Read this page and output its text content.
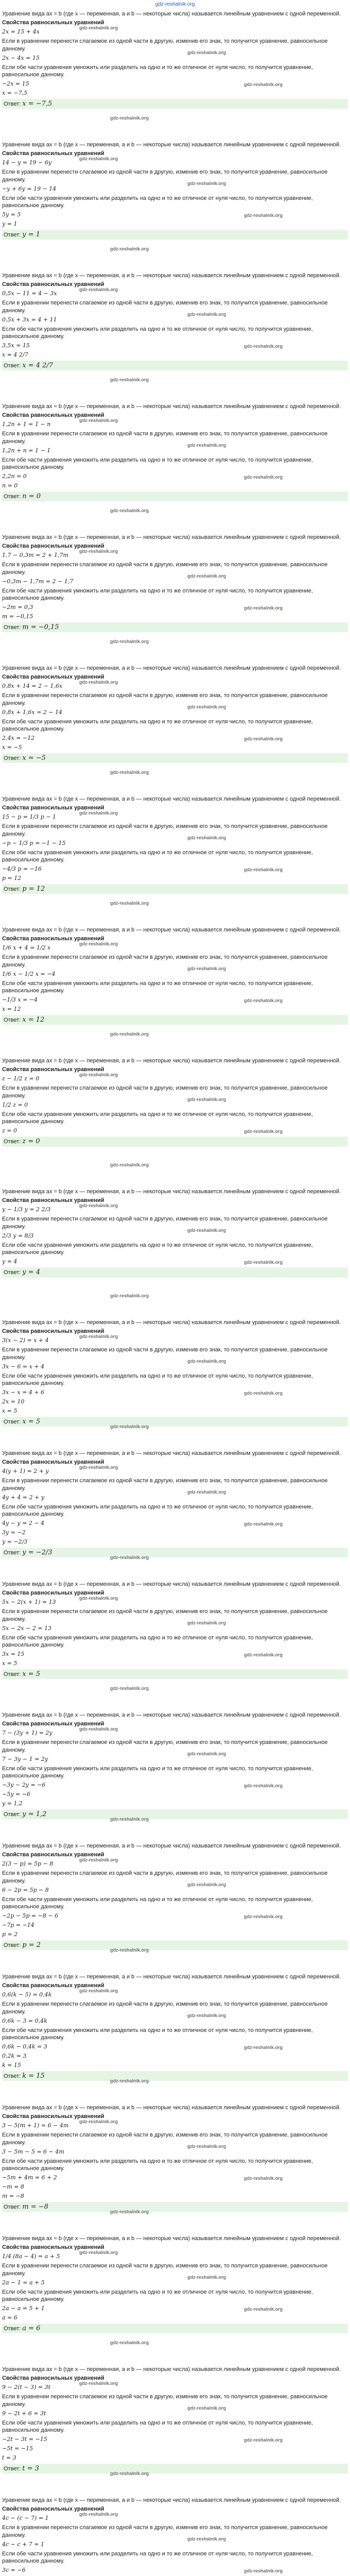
gdz-reshalnik.org

Уравнение вида ax = b (где x — переменная, a и b — некоторые числа) называется линейным уравнением с одной переменной.

Свойства равносильных уравнений

2x = 15 + 4x

Если в уравнении перенести слагаемое из одной части в другую, изменив его знак, то получится уравнение, равносильное данному.

2x − 4x = 15

Если обе части уравнения умножить или разделить на одно и то же отличное от нуля число, то получится уравнение, равносильное данному.

−2x = 15

x = −7,5

Ответ: x = −7,5
gdz-reshalnik.org
gdz-reshalnik.org
gdz-reshalnik.org
gdz-reshalnik.org

Уравнение вида ax = b (где x — переменная, a и b — некоторые числа) называется линейным уравнением с одной переменной.

Свойства равносильных уравнений

14 − y = 19 − 6y

Если в уравнении перенести слагаемое из одной части в другую, изменив его знак, то получится уравнение, равносильное данному.

−y + 6y = 19 − 14

Если обе части уравнения умножить или разделить на одно и то же отличное от нуля число, то получится уравнение, равносильное данному.

5y = 5

y = 1

Ответ: y = 1
gdz-reshalnik.org
gdz-reshalnik.org
gdz-reshalnik.org
gdz-reshalnik.org

Уравнение вида ax = b (где x — переменная, a и b — некоторые числа) называется линейным уравнением с одной переменной.

Свойства равносильных уравнений

0,5x − 11 = 4 − 3x

Если в уравнении перенести слагаемое из одной части в другую, изменив его знак, то получится уравнение, равносильное данному.

0,5x + 3x = 4 + 11

Если обе части уравнения умножить или разделить на одно и то же отличное от нуля число, то получится уравнение, равносильное данному.

3,5x = 15

x = 4 2/7

Ответ: x = 4 2/7
gdz-reshalnik.org
gdz-reshalnik.org
gdz-reshalnik.org
gdz-reshalnik.org

Уравнение вида ax = b (где x — переменная, a и b — некоторые числа) называется линейным уравнением с одной переменной.

Свойства равносильных уравнений

1,2n + 1 = 1 − n

Если в уравнении перенести слагаемое из одной части в другую, изменив его знак, то получится уравнение, равносильное данному.

1,2n + n = 1 − 1

Если обе части уравнения умножить или разделить на одно и то же отличное от нуля число, то получится уравнение, равносильное данному.

2,2n = 0

n = 0

Ответ: n = 0
gdz-reshalnik.org
gdz-reshalnik.org
gdz-reshalnik.org
gdz-reshalnik.org

Уравнение вида ax = b (где x — переменная, a и b — некоторые числа) называется линейным уравнением с одной переменной.

Свойства равносильных уравнений

1,7 − 0,3m = 2 + 1,7m

Если в уравнении перенести слагаемое из одной части в другую, изменив его знак, то получится уравнение, равносильное данному.

−0,3m − 1,7m = 2 − 1,7

Если обе части уравнения умножить или разделить на одно и то же отличное от нуля число, то получится уравнение, равносильное данному.

−2m = 0,3

m = −0,15

Ответ: m = −0,15
gdz-reshalnik.org
gdz-reshalnik.org
gdz-reshalnik.org
gdz-reshalnik.org

Уравнение вида ax = b (где x — переменная, a и b — некоторые числа) называется линейным уравнением с одной переменной.

Свойства равносильных уравнений

0,8x + 14 = 2 − 1,6x

Если в уравнении перенести слагаемое из одной части в другую, изменив его знак, то получится уравнение, равносильное данному.

0,8x + 1,6x = 2 − 14

Если обе части уравнения умножить или разделить на одно и то же отличное от нуля число, то получится уравнение, равносильное данному.

2,4x = −12

x = −5

Ответ: x = −5
gdz-reshalnik.org
gdz-reshalnik.org
gdz-reshalnik.org
gdz-reshalnik.org

Уравнение вида ax = b (где x — переменная, a и b — некоторые числа) называется линейным уравнением с одной переменной.

Свойства равносильных уравнений

15 − p = 1/3 p − 1

Если в уравнении перенести слагаемое из одной части в другую, изменив его знак, то получится уравнение, равносильное данному.

−p − 1/3 p = −1 − 15

Если обе части уравнения умножить или разделить на одно и то же отличное от нуля число, то получится уравнение, равносильное данному.

−4/3 p = −16

p = 12

Ответ: p = 12
gdz-reshalnik.org
gdz-reshalnik.org
gdz-reshalnik.org
gdz-reshalnik.org

Уравнение вида ax = b (где x — переменная, a и b — некоторые числа) называется линейным уравнением с одной переменной.

Свойства равносильных уравнений

1/6 x + 4 = 1/2 x

Если в уравнении перенести слагаемое из одной части в другую, изменив его знак, то получится уравнение, равносильное данному.

1/6 x − 1/2 x = −4

Если обе части уравнения умножить или разделить на одно и то же отличное от нуля число, то получится уравнение, равносильное данному.

−1/3 x = −4

x = 12

Ответ: x = 12
gdz-reshalnik.org
gdz-reshalnik.org
gdz-reshalnik.org
gdz-reshalnik.org

Уравнение вида ax = b (где x — переменная, a и b — некоторые числа) называется линейным уравнением с одной переменной.

Свойства равносильных уравнений

z − 1/2 z = 0

Если в уравнении перенести слагаемое из одной части в другую, изменив его знак, то получится уравнение, равносильное данному.

1/2 z = 0

Если обе части уравнения умножить или разделить на одно и то же отличное от нуля число, то получится уравнение, равносильное данному.

z = 0

Ответ: z = 0
gdz-reshalnik.org
gdz-reshalnik.org
gdz-reshalnik.org
gdz-reshalnik.org

Уравнение вида ax = b (где x — переменная, a и b — некоторые числа) называется линейным уравнением с одной переменной.

Свойства равносильных уравнений

y − 1/3 y = 2 2/3

Если в уравнении перенести слагаемое из одной части в другую, изменив его знак, то получится уравнение, равносильное данному.

2/3 y = 8/3

Если обе части уравнения умножить или разделить на одно и то же отличное от нуля число, то получится уравнение, равносильное данному.

y = 4

Ответ: y = 4
gdz-reshalnik.org
gdz-reshalnik.org
gdz-reshalnik.org
gdz-reshalnik.org

Уравнение вида ax = b (где x — переменная, a и b — некоторые числа) называется линейным уравнением с одной переменной.

Свойства равносильных уравнений

3(x − 2) = x + 4

Если в уравнении перенести слагаемое из одной части в другую, изменив его знак, то получится уравнение, равносильное данному.

3x − 6 = x + 4

Если обе части уравнения умножить или разделить на одно и то же отличное от нуля число, то получится уравнение, равносильное данному.

3x − x = 4 + 6

2x = 10

x = 5

Ответ: x = 5
gdz-reshalnik.org
gdz-reshalnik.org
gdz-reshalnik.org
gdz-reshalnik.org

Уравнение вида ax = b (где x — переменная, a и b — некоторые числа) называется линейным уравнением с одной переменной.

Свойства равносильных уравнений

4(y + 1) = 2 + y

Если в уравнении перенести слагаемое из одной части в другую, изменив его знак, то получится уравнение, равносильное данному.

4y + 4 = 2 + y

Если обе части уравнения умножить или разделить на одно и то же отличное от нуля число, то получится уравнение, равносильное данному.

4y − y = 2 − 4

3y = −2

y = −2/3

Ответ: y = −2/3
gdz-reshalnik.org
gdz-reshalnik.org
gdz-reshalnik.org
gdz-reshalnik.org

Уравнение вида ax = b (где x — переменная, a и b — некоторые числа) называется линейным уравнением с одной переменной.

Свойства равносильных уравнений

5x − 2(x + 1) = 13

Если в уравнении перенести слагаемое из одной части в другую, изменив его знак, то получится уравнение, равносильное данному.

5x − 2x − 2 = 13

Если обе части уравнения умножить или разделить на одно и то же отличное от нуля число, то получится уравнение, равносильное данному.

3x = 15

x = 5

Ответ: x = 5
gdz-reshalnik.org
gdz-reshalnik.org
gdz-reshalnik.org
gdz-reshalnik.org

Уравнение вида ax = b (где x — переменная, a и b — некоторые числа) называется линейным уравнением с одной переменной.

Свойства равносильных уравнений

7 − (3y + 1) = 2y

Если в уравнении перенести слагаемое из одной части в другую, изменив его знак, то получится уравнение, равносильное данному.

7 − 3y − 1 = 2y

Если обе части уравнения умножить или разделить на одно и то же отличное от нуля число, то получится уравнение, равносильное данному.

−3y − 2y = −6

−5y = −6

y = 1,2

Ответ: y = 1,2
gdz-reshalnik.org
gdz-reshalnik.org
gdz-reshalnik.org
gdz-reshalnik.org

Уравнение вида ax = b (где x — переменная, a и b — некоторые числа) называется линейным уравнением с одной переменной.

Свойства равносильных уравнений

2(3 − p) = 5p − 8

Если в уравнении перенести слагаемое из одной части в другую, изменив его знак, то получится уравнение, равносильное данному.

6 − 2p = 5p − 8

Если обе части уравнения умножить или разделить на одно и то же отличное от нуля число, то получится уравнение, равносильное данному.

−2p − 5p = −8 − 6

−7p = −14

p = 2

Ответ: p = 2
gdz-reshalnik.org
gdz-reshalnik.org
gdz-reshalnik.org
gdz-reshalnik.org

Уравнение вида ax = b (где x — переменная, a и b — некоторые числа) называется линейным уравнением с одной переменной.

Свойства равносильных уравнений

0,6(k − 5) = 0,4k

Если в уравнении перенести слагаемое из одной части в другую, изменив его знак, то получится уравнение, равносильное данному.

0,6k − 3 = 0,4k

Если обе части уравнения умножить или разделить на одно и то же отличное от нуля число, то получится уравнение, равносильное данному.

0,6k − 0,4k = 3

0,2k = 3

k = 15

Ответ: k = 15
gdz-reshalnik.org
gdz-reshalnik.org
gdz-reshalnik.org
gdz-reshalnik.org

Уравнение вида ax = b (где x — переменная, a и b — некоторые числа) называется линейным уравнением с одной переменной.

Свойства равносильных уравнений

3 − 5(m + 1) = 6 − 4m

Если в уравнении перенести слагаемое из одной части в другую, изменив его знак, то получится уравнение, равносильное данному.

3 − 5m − 5 = 6 − 4m

Если обе части уравнения умножить или разделить на одно и то же отличное от нуля число, то получится уравнение, равносильное данному.

−5m + 4m = 6 + 2

−m = 8

m = −8

Ответ: m = −8
gdz-reshalnik.org
gdz-reshalnik.org
gdz-reshalnik.org
gdz-reshalnik.org

Уравнение вида ax = b (где x — переменная, a и b — некоторые числа) называется линейным уравнением с одной переменной.

Свойства равносильных уравнений

1/4 (8a − 4) = a + 5

Если в уравнении перенести слагаемое из одной части в другую, изменив его знак, то получится уравнение, равносильное данному.

2a − 1 = a + 5

Если обе части уравнения умножить или разделить на одно и то же отличное от нуля число, то получится уравнение, равносильное данному.

2a − a = 5 + 1

a = 6

Ответ: a = 6
gdz-reshalnik.org
gdz-reshalnik.org
gdz-reshalnik.org
gdz-reshalnik.org

Уравнение вида ax = b (где x — переменная, a и b — некоторые числа) называется линейным уравнением с одной переменной.

Свойства равносильных уравнений

9 − 2(t − 3) = 3t

Если в уравнении перенести слагаемое из одной части в другую, изменив его знак, то получится уравнение, равносильное данному.

9 − 2t + 6 = 3t

Если обе части уравнения умножить или разделить на одно и то же отличное от нуля число, то получится уравнение, равносильное данному.

−2t − 3t = −15

−5t = −15

t = 3

Ответ: t = 3
gdz-reshalnik.org
gdz-reshalnik.org
gdz-reshalnik.org
gdz-reshalnik.org

Уравнение вида ax = b (где x — переменная, a и b — некоторые числа) называется линейным уравнением с одной переменной.

Свойства равносильных уравнений

4c − (c − 7) = 1

Если в уравнении перенести слагаемое из одной части в другую, изменив его знак, то получится уравнение, равносильное данному.

4c − c + 7 = 1

Если обе части уравнения умножить или разделить на одно и то же отличное от нуля число, то получится уравнение, равносильное данному.

3c = −6

gdz-reshalnik.org
gdz-reshalnik.org
gdz-reshalnik.org
